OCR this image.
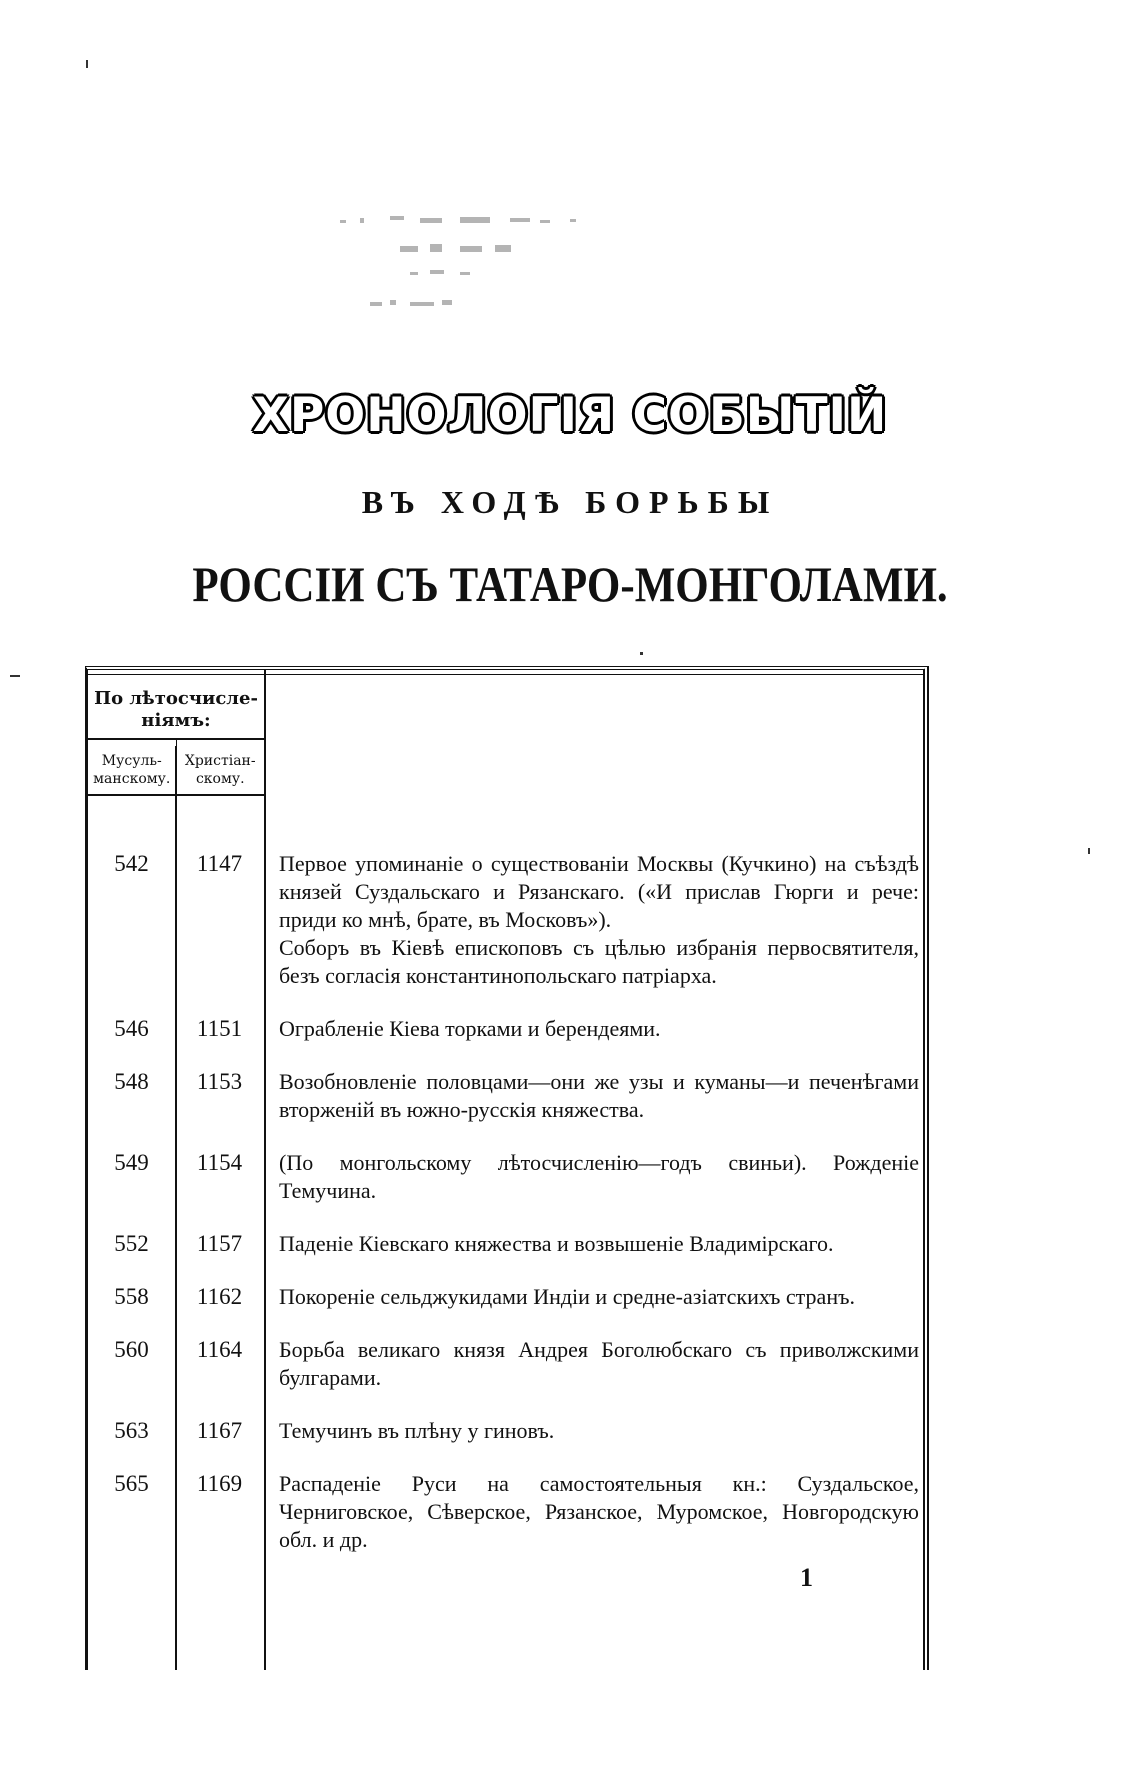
ХРОНОЛОГІЯ СОБЫТІЙ
ВЪ ХОДѢ БОРЬБЫ
РОССІИ СЪ ТАТАРО-МОНГОЛАМИ.
По лѣтосчисле-ніямъ:
Мусуль-манскому.
Христіан-скому.
542	1147	Первое упоминаніе о существованіи Москвы (Кучкино) на съѣздѣ князей Суздальскаго и Рязанскаго. («И прислав Гюрги и рече: приди ко мнѣ, брате, въ Московъ»).

Соборъ въ Кіевѣ епископовъ съ цѣлью избранія первосвятителя, безъ согласія константинопольскаго патріарха.

546	1151	Ограбленіе Кіева торками и берендеями.

548	1153	Возобновленіе половцами—они же узы и куманы—и печенѣгами вторженій въ южно-русскія княжества.

549	1154	(По монгольскому лѣтосчисленію—годъ свиньи). Рожденіе Темучина.

552	1157	Паденіе Кіевскаго княжества и возвышеніе Владимірскаго.

558	1162	Покореніе сельджукидами Индіи и средне-азіатскихъ странъ.

560	1164	Борьба великаго князя Андрея Боголюбскаго съ приволжскими булгарами.

563	1167	Темучинъ въ плѣну у гиновъ.

565	1169	Распаденіе Руси на самостоятельныя кн.: Суздальское, Черниговское, Сѣверское, Рязанское, Муромское, Новгородскую обл. и др.

1
